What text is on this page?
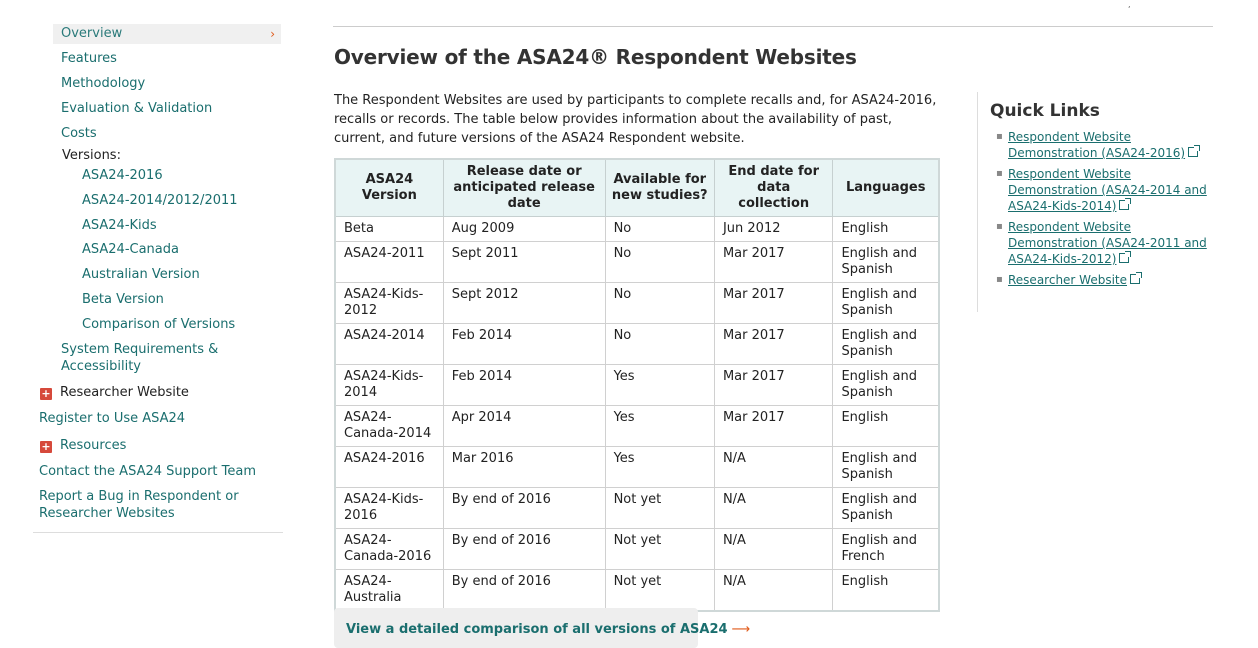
Overview	›
Features
Methodology
Evaluation & Validation
Costs
Versions:
ASA24-2016
ASA24-2014/2012/2011
ASA24-Kids
ASA24-Canada
Australian Version
Beta Version
Comparison of Versions
System Requirements &
Accessibility
+ Researcher Website
Register to Use ASA24
+ Resources
Contact the ASA24 Support Team
Report a Bug in Respondent or
Researcher Websites
,
Overview of the ASA24® Respondent Websites

The Respondent Websites are used by participants to complete recalls and, for ASA24-2016, recalls or records. The table below provides information about the availability of past, current, and future versions of the ASA24 Respondent website.

ASA24 Version	Release date or anticipated release date	Available for new studies?	End date for data collection	Languages
Beta	Aug 2009	No	Jun 2012	English
ASA24-2011	Sept 2011	No	Mar 2017	English and Spanish
ASA24-Kids-2012	Sept 2012	No	Mar 2017	English and Spanish
ASA24-2014	Feb 2014	No	Mar 2017	English and Spanish
ASA24-Kids-2014	Feb 2014	Yes	Mar 2017	English and Spanish
ASA24-Canada-2014	Apr 2014	Yes	Mar 2017	English
ASA24-2016	Mar 2016	Yes	N/A	English and Spanish
ASA24-Kids-2016	By end of 2016	Not yet	N/A	English and Spanish
ASA24-Canada-2016	By end of 2016	Not yet	N/A	English and French
ASA24-Australia	By end of 2016	Not yet	N/A	English
View a detailed comparison of all versions of ASA24 ⟶
Quick Links
▪ Respondent Website Demonstration (ASA24-2016)
▪ Respondent Website Demonstration (ASA24-2014 and ASA24-Kids-2014)
▪ Respondent Website Demonstration (ASA24-2011 and ASA24-Kids-2012)
▪ Researcher Website
